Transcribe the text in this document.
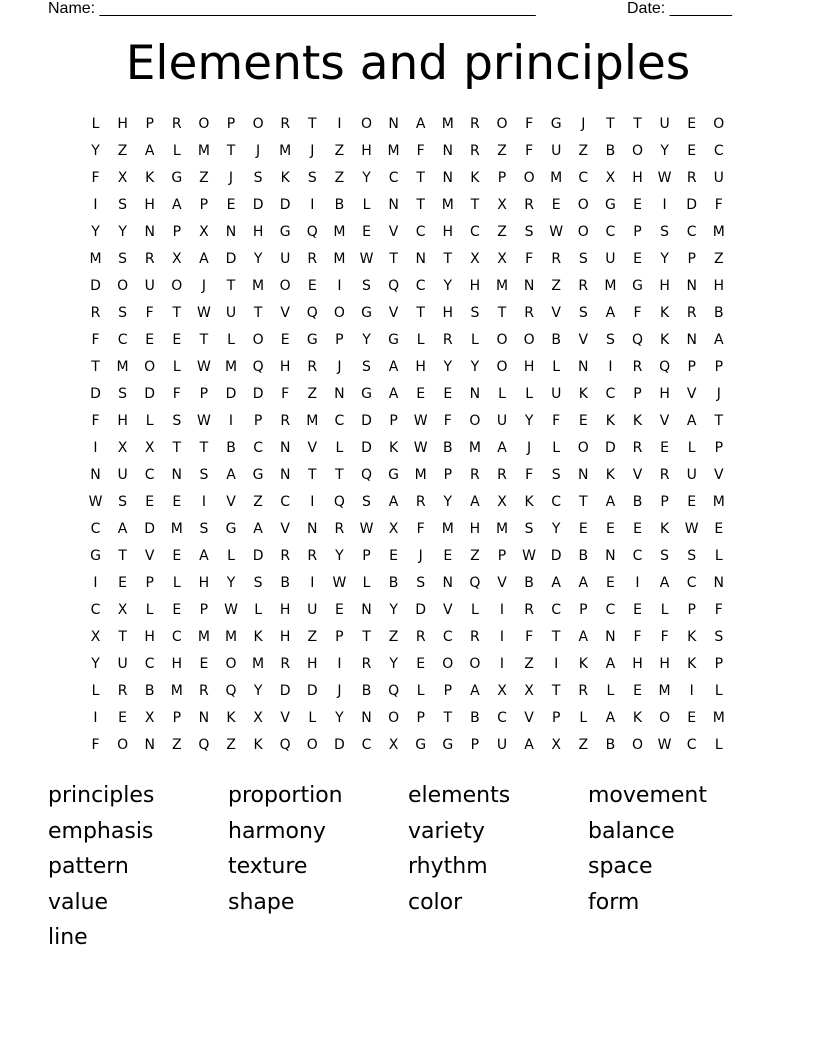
Name: _________________________________________________	Date: _______
Elements and principles
L	H	P	R	O	P	O	R	T	I	O	N	A	M	R	O	F	G	J	T	T	U	E	O
Y	Z	A	L	M	T	J	M	J	Z	H	M	F	N	R	Z	F	U	Z	B	O	Y	E	C
F	X	K	G	Z	J	S	K	S	Z	Y	C	T	N	K	P	O	M	C	X	H	W	R	U
I	S	H	A	P	E	D	D	I	B	L	N	T	M	T	X	R	E	O	G	E	I	D	F
Y	Y	N	P	X	N	H	G	Q	M	E	V	C	H	C	Z	S	W	O	C	P	S	C	M
M	S	R	X	A	D	Y	U	R	M	W	T	N	T	X	X	F	R	S	U	E	Y	P	Z
D	O	U	O	J	T	M	O	E	I	S	Q	C	Y	H	M	N	Z	R	M	G	H	N	H
R	S	F	T	W	U	T	V	Q	O	G	V	T	H	S	T	R	V	S	A	F	K	R	B
F	C	E	E	T	L	O	E	G	P	Y	G	L	R	L	O	O	B	V	S	Q	K	N	A
T	M	O	L	W	M	Q	H	R	J	S	A	H	Y	Y	O	H	L	N	I	R	Q	P	P
D	S	D	F	P	D	D	F	Z	N	G	A	E	E	N	L	L	U	K	C	P	H	V	J
F	H	L	S	W	I	P	R	M	C	D	P	W	F	O	U	Y	F	E	K	K	V	A	T
I	X	X	T	T	B	C	N	V	L	D	K	W	B	M	A	J	L	O	D	R	E	L	P
N	U	C	N	S	A	G	N	T	T	Q	G	M	P	R	R	F	S	N	K	V	R	U	V
W	S	E	E	I	V	Z	C	I	Q	S	A	R	Y	A	X	K	C	T	A	B	P	E	M
C	A	D	M	S	G	A	V	N	R	W	X	F	M	H	M	S	Y	E	E	E	K	W	E
G	T	V	E	A	L	D	R	R	Y	P	E	J	E	Z	P	W	D	B	N	C	S	S	L
I	E	P	L	H	Y	S	B	I	W	L	B	S	N	Q	V	B	A	A	E	I	A	C	N
C	X	L	E	P	W	L	H	U	E	N	Y	D	V	L	I	R	C	P	C	E	L	P	F
X	T	H	C	M	M	K	H	Z	P	T	Z	R	C	R	I	F	T	A	N	F	F	K	S
Y	U	C	H	E	O	M	R	H	I	R	Y	E	O	O	I	Z	I	K	A	H	H	K	P
L	R	B	M	R	Q	Y	D	D	J	B	Q	L	P	A	X	X	T	R	L	E	M	I	L
I	E	X	P	N	K	X	V	L	Y	N	O	P	T	B	C	V	P	L	A	K	O	E	M
F	O	N	Z	Q	Z	K	Q	O	D	C	X	G	G	P	U	A	X	Z	B	O	W	C	L
principles	proportion	elements	movement
emphasis	harmony	variety	balance
pattern	texture	rhythm	space
value	shape	color	form
line
